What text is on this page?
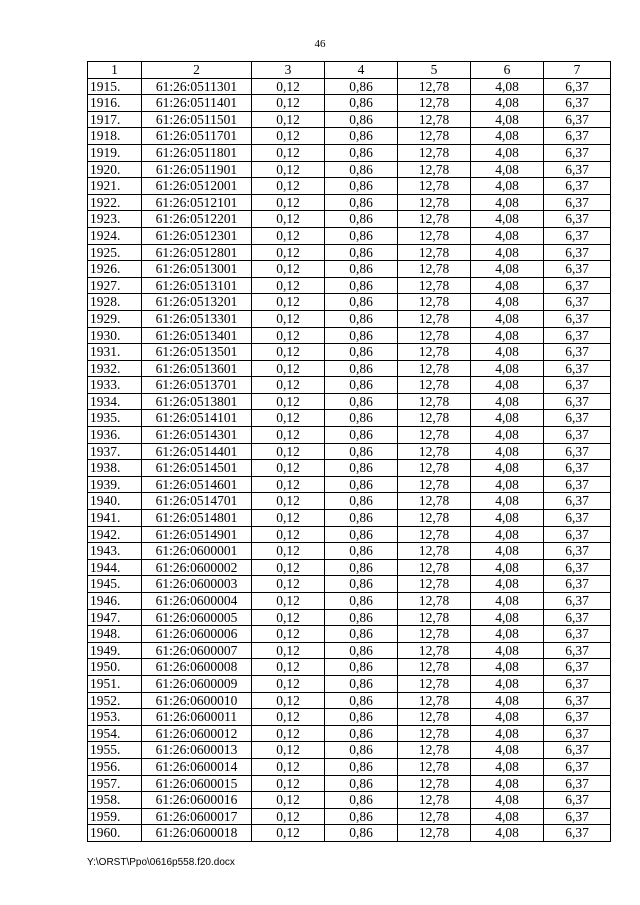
46
1	2	3	4	5	6	7
1915.	61:26:0511301	0,12	0,86	12,78	4,08	6,37
1916.	61:26:0511401	0,12	0,86	12,78	4,08	6,37
1917.	61:26:0511501	0,12	0,86	12,78	4,08	6,37
1918.	61:26:0511701	0,12	0,86	12,78	4,08	6,37
1919.	61:26:0511801	0,12	0,86	12,78	4,08	6,37
1920.	61:26:0511901	0,12	0,86	12,78	4,08	6,37
1921.	61:26:0512001	0,12	0,86	12,78	4,08	6,37
1922.	61:26:0512101	0,12	0,86	12,78	4,08	6,37
1923.	61:26:0512201	0,12	0,86	12,78	4,08	6,37
1924.	61:26:0512301	0,12	0,86	12,78	4,08	6,37
1925.	61:26:0512801	0,12	0,86	12,78	4,08	6,37
1926.	61:26:0513001	0,12	0,86	12,78	4,08	6,37
1927.	61:26:0513101	0,12	0,86	12,78	4,08	6,37
1928.	61:26:0513201	0,12	0,86	12,78	4,08	6,37
1929.	61:26:0513301	0,12	0,86	12,78	4,08	6,37
1930.	61:26:0513401	0,12	0,86	12,78	4,08	6,37
1931.	61:26:0513501	0,12	0,86	12,78	4,08	6,37
1932.	61:26:0513601	0,12	0,86	12,78	4,08	6,37
1933.	61:26:0513701	0,12	0,86	12,78	4,08	6,37
1934.	61:26:0513801	0,12	0,86	12,78	4,08	6,37
1935.	61:26:0514101	0,12	0,86	12,78	4,08	6,37
1936.	61:26:0514301	0,12	0,86	12,78	4,08	6,37
1937.	61:26:0514401	0,12	0,86	12,78	4,08	6,37
1938.	61:26:0514501	0,12	0,86	12,78	4,08	6,37
1939.	61:26:0514601	0,12	0,86	12,78	4,08	6,37
1940.	61:26:0514701	0,12	0,86	12,78	4,08	6,37
1941.	61:26:0514801	0,12	0,86	12,78	4,08	6,37
1942.	61:26:0514901	0,12	0,86	12,78	4,08	6,37
1943.	61:26:0600001	0,12	0,86	12,78	4,08	6,37
1944.	61:26:0600002	0,12	0,86	12,78	4,08	6,37
1945.	61:26:0600003	0,12	0,86	12,78	4,08	6,37
1946.	61:26:0600004	0,12	0,86	12,78	4,08	6,37
1947.	61:26:0600005	0,12	0,86	12,78	4,08	6,37
1948.	61:26:0600006	0,12	0,86	12,78	4,08	6,37
1949.	61:26:0600007	0,12	0,86	12,78	4,08	6,37
1950.	61:26:0600008	0,12	0,86	12,78	4,08	6,37
1951.	61:26:0600009	0,12	0,86	12,78	4,08	6,37
1952.	61:26:0600010	0,12	0,86	12,78	4,08	6,37
1953.	61:26:0600011	0,12	0,86	12,78	4,08	6,37
1954.	61:26:0600012	0,12	0,86	12,78	4,08	6,37
1955.	61:26:0600013	0,12	0,86	12,78	4,08	6,37
1956.	61:26:0600014	0,12	0,86	12,78	4,08	6,37
1957.	61:26:0600015	0,12	0,86	12,78	4,08	6,37
1958.	61:26:0600016	0,12	0,86	12,78	4,08	6,37
1959.	61:26:0600017	0,12	0,86	12,78	4,08	6,37
1960.	61:26:0600018	0,12	0,86	12,78	4,08	6,37
Y:\ORST\Ppo\0616p558.f20.docx
